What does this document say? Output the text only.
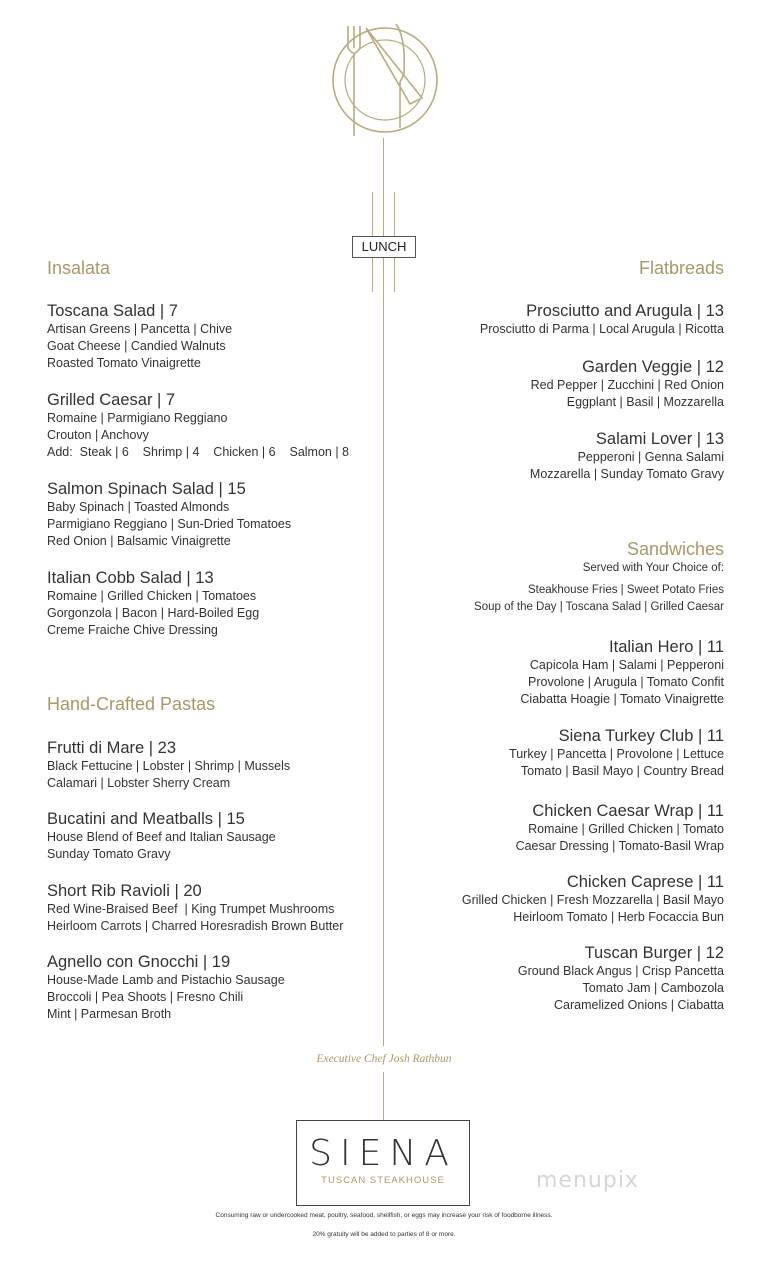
LUNCH
Insalata
Toscana Salad | 7
Artisan Greens | Pancetta | Chive
Goat Cheese | Candied Walnuts
Roasted Tomato Vinaigrette
Grilled Caesar | 7
Romaine | Parmigiano Reggiano
Crouton | Anchovy
Add:  Steak | 6    Shrimp | 4    Chicken | 6    Salmon | 8
Salmon Spinach Salad | 15
Baby Spinach | Toasted Almonds
Parmigiano Reggiano | Sun-Dried Tomatoes
Red Onion | Balsamic Vinaigrette
Italian Cobb Salad | 13
Romaine | Grilled Chicken | Tomatoes
Gorgonzola | Bacon | Hard-Boiled Egg
Creme Fraiche Chive Dressing
Hand-Crafted Pastas
Frutti di Mare | 23
Black Fettucine | Lobster | Shrimp | Mussels
Calamari | Lobster Sherry Cream
Bucatini and Meatballs | 15
House Blend of Beef and Italian Sausage
Sunday Tomato Gravy
Short Rib Ravioli | 20
Red Wine-Braised Beef  | King Trumpet Mushrooms
Heirloom Carrots | Charred Horesradish Brown Butter
Agnello con Gnocchi | 19
House-Made Lamb and Pistachio Sausage
Broccoli | Pea Shoots | Fresno Chili
Mint | Parmesan Broth
Flatbreads
Prosciutto and Arugula | 13
Prosciutto di Parma | Local Arugula | Ricotta
Garden Veggie | 12
Red Pepper | Zucchini | Red Onion
Eggplant | Basil | Mozzarella
Salami Lover | 13
Pepperoni | Genna Salami
Mozzarella | Sunday Tomato Gravy
Sandwiches
Served with Your Choice of:
Steakhouse Fries | Sweet Potato Fries
Soup of the Day | Toscana Salad | Grilled Caesar
Italian Hero | 11
Capicola Ham | Salami | Pepperoni
Provolone | Arugula | Tomato Confit
Ciabatta Hoagie | Tomato Vinaigrette
Siena Turkey Club | 11
Turkey | Pancetta | Provolone | Lettuce
Tomato | Basil Mayo | Country Bread
Chicken Caesar Wrap | 11
Romaine | Grilled Chicken | Tomato
Caesar Dressing | Tomato-Basil Wrap
Chicken Caprese | 11
Grilled Chicken | Fresh Mozzarella | Basil Mayo
Heirloom Tomato | Herb Focaccia Bun
Tuscan Burger | 12
Ground Black Angus | Crisp Pancetta
Tomato Jam | Cambozola
Caramelized Onions | Ciabatta
Executive Chef Josh Rathbun
SIENA
TUSCAN STEAKHOUSE	menupix
Consuming raw or undercooked meat, poultry, seafood, shellfish, or eggs may increase your risk of foodborne illness.
20% gratuity will be added to parties of 8 or more.
